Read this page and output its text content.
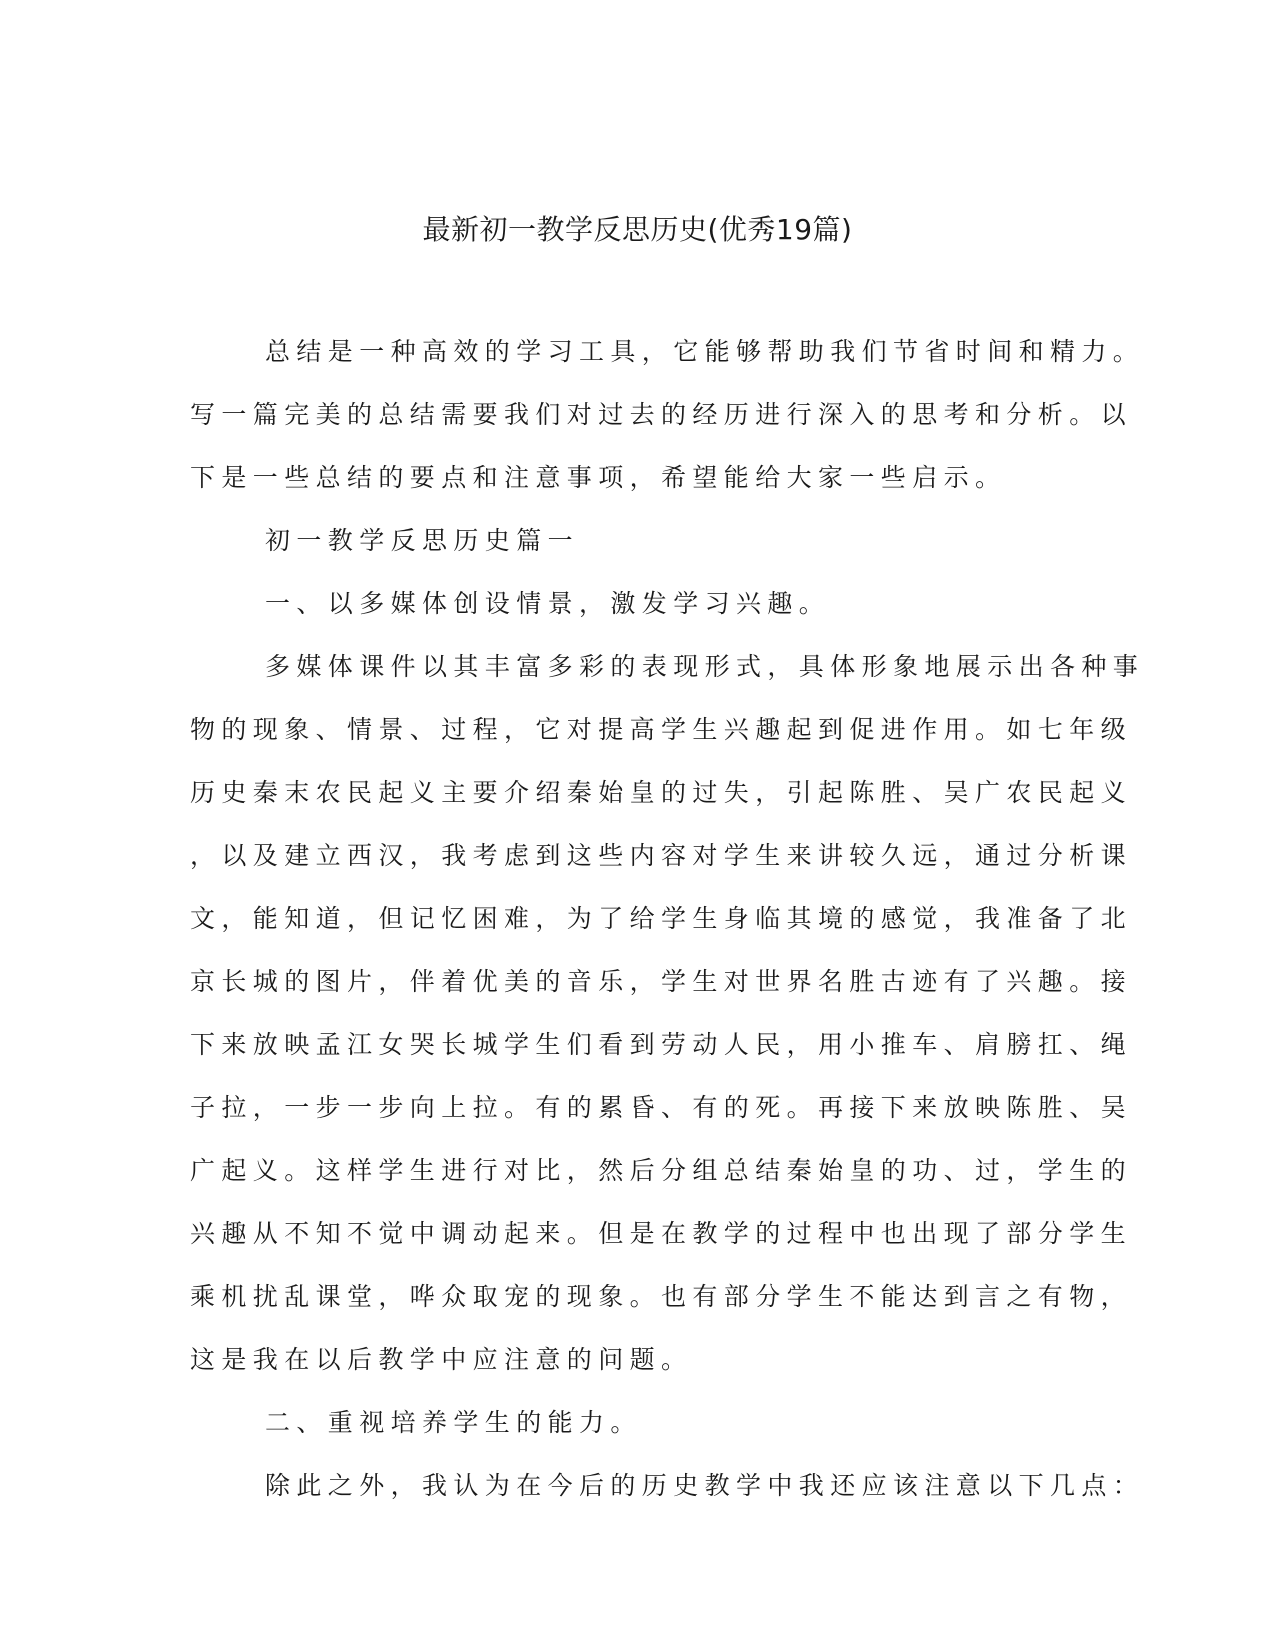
最新初一教学反思历史(优秀19篇)
总结是一种高效的学习工具，它能够帮助我们节省时间和精力。
写一篇完美的总结需要我们对过去的经历进行深入的思考和分析。以
下是一些总结的要点和注意事项，希望能给大家一些启示。
初一教学反思历史篇一
一、以多媒体创设情景，激发学习兴趣。
多媒体课件以其丰富多彩的表现形式，具体形象地展示出各种事
物的现象、情景、过程，它对提高学生兴趣起到促进作用。如七年级
历史秦末农民起义主要介绍秦始皇的过失，引起陈胜、吴广农民起义
，以及建立西汉，我考虑到这些内容对学生来讲较久远，通过分析课
文，能知道，但记忆困难，为了给学生身临其境的感觉，我准备了北
京长城的图片，伴着优美的音乐，学生对世界名胜古迹有了兴趣。接
下来放映孟江女哭长城学生们看到劳动人民，用小推车、肩膀扛、绳
子拉，一步一步向上拉。有的累昏、有的死。再接下来放映陈胜、吴
广起义。这样学生进行对比，然后分组总结秦始皇的功、过，学生的
兴趣从不知不觉中调动起来。但是在教学的过程中也出现了部分学生
乘机扰乱课堂，哗众取宠的现象。也有部分学生不能达到言之有物，
这是我在以后教学中应注意的问题。
二、重视培养学生的能力。
除此之外，我认为在今后的历史教学中我还应该注意以下几点：
